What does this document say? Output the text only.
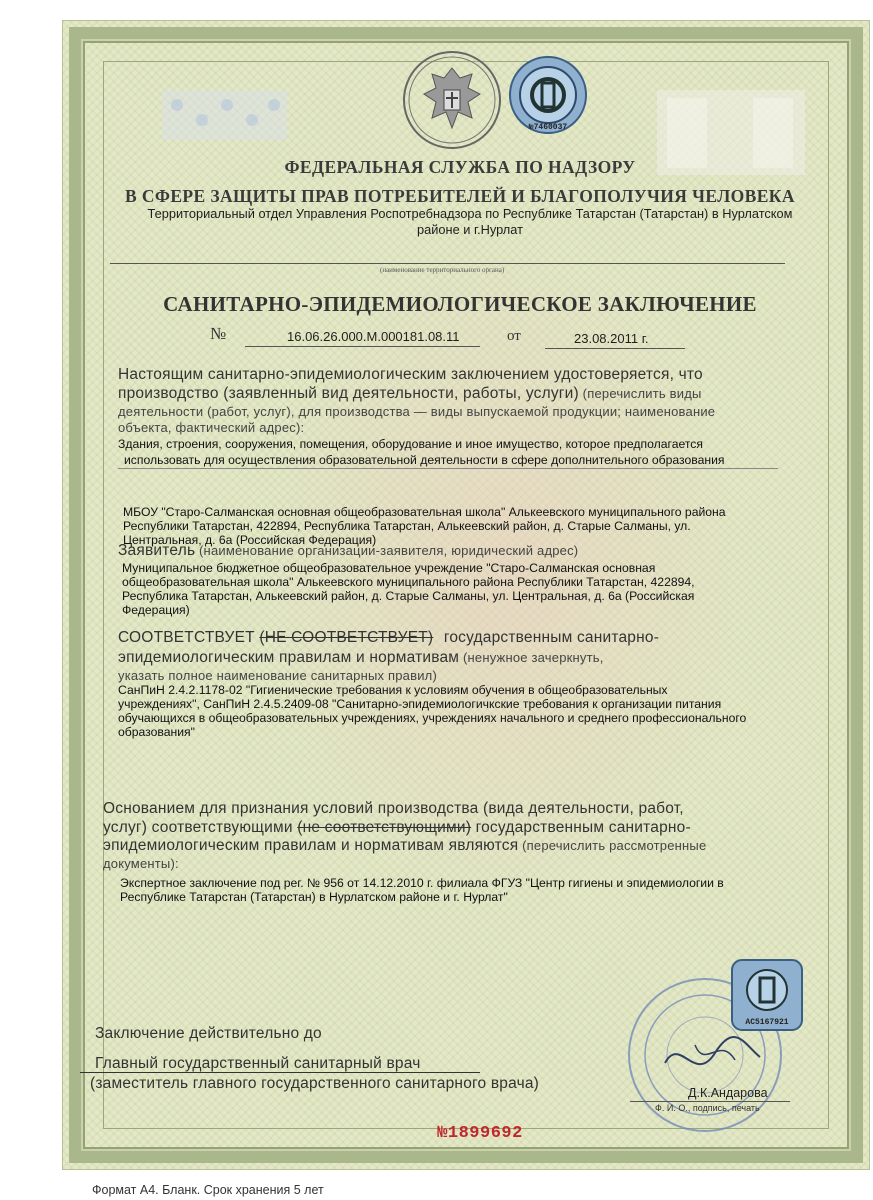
№7460037
ФЕДЕРАЛЬНАЯ СЛУЖБА ПО НАДЗОРУ
В СФЕРЕ ЗАЩИТЫ ПРАВ ПОТРЕБИТЕЛЕЙ И БЛАГОПОЛУЧИЯ ЧЕЛОВЕКА
Территориальный отдел Управления Роспотребнадзора по Республике Татарстан (Татарстан) в Нурлатском
районе и г.Нурлат
(наименование территориального органа)
САНИТАРНО-ЭПИДЕМИОЛОГИЧЕСКОЕ ЗАКЛЮЧЕНИЕ
№	16.06.26.000.М.000181.08.11	от	23.08.2011 г.
Настоящим санитарно-эпидемиологическим заключением удостоверяется, что
производство (заявленный вид деятельности, работы, услуги) (перечислить виды
деятельности (работ, услуг), для производства — виды выпускаемой продукции; наименование
объекта, фактический адрес):
Здания, строения, сооружения, помещения, оборудование и иное имущество, которое предполагается
использовать для осуществления образовательной деятельности в сфере дополнительного образования
МБОУ "Старо-Салманская основная общеобразовательная школа" Алькеевского муниципального района
Республики Татарстан, 422894, Республика Татарстан, Алькеевский район, д. Старые Салманы, ул.
Центральная, д. 6а (Российская Федерация)
Заявитель (наименование организации-заявителя, юридический адрес)
Муниципальное бюджетное общеобразовательное учреждение "Старо-Салманская основная
общеобразовательная школа" Алькеевского муниципального района Республики Татарстан, 422894,
Республика Татарстан, Алькеевский район, д. Старые Салманы, ул. Центральная, д. 6а (Российская
Федерация)
СООТВЕТСТВУЕТ (НЕ СООТВЕТСТВУЕТ) государственным санитарно-
эпидемиологическим правилам и нормативам (ненужное зачеркнуть,
указать полное наименование санитарных правил)
СанПиН 2.4.2.1178-02 "Гигиенические требования к условиям обучения в общеобразовательных
учреждениях", СанПиН 2.4.5.2409-08 "Санитарно-эпидемиологичкские требования к организации питания
обучающихся в общеобразовательных учреждениях, учреждениях начального и среднего профессионального
образования"
Основанием для признания условий производства (вида деятельности, работ,
услуг) соответствующими (не соответствующими) государственным санитарно-
эпидемиологическим правилам и нормативам являются (перечислить рассмотренные
документы):
Экспертное заключение под рег. № 956 от 14.12.2010 г. филиала ФГУЗ "Центр гигиены и эпидемиологии в
Республике Татарстан (Татарстан) в Нурлатском районе и г. Нурлат"
Заключение действительно до
Главный государственный санитарный врач
(заместитель главного государственного санитарного врача)
AC5167921
Д.К.Андарова
Ф. И. О., подпись, печать
№1899692
Формат А4. Бланк. Срок хранения 5 лет
